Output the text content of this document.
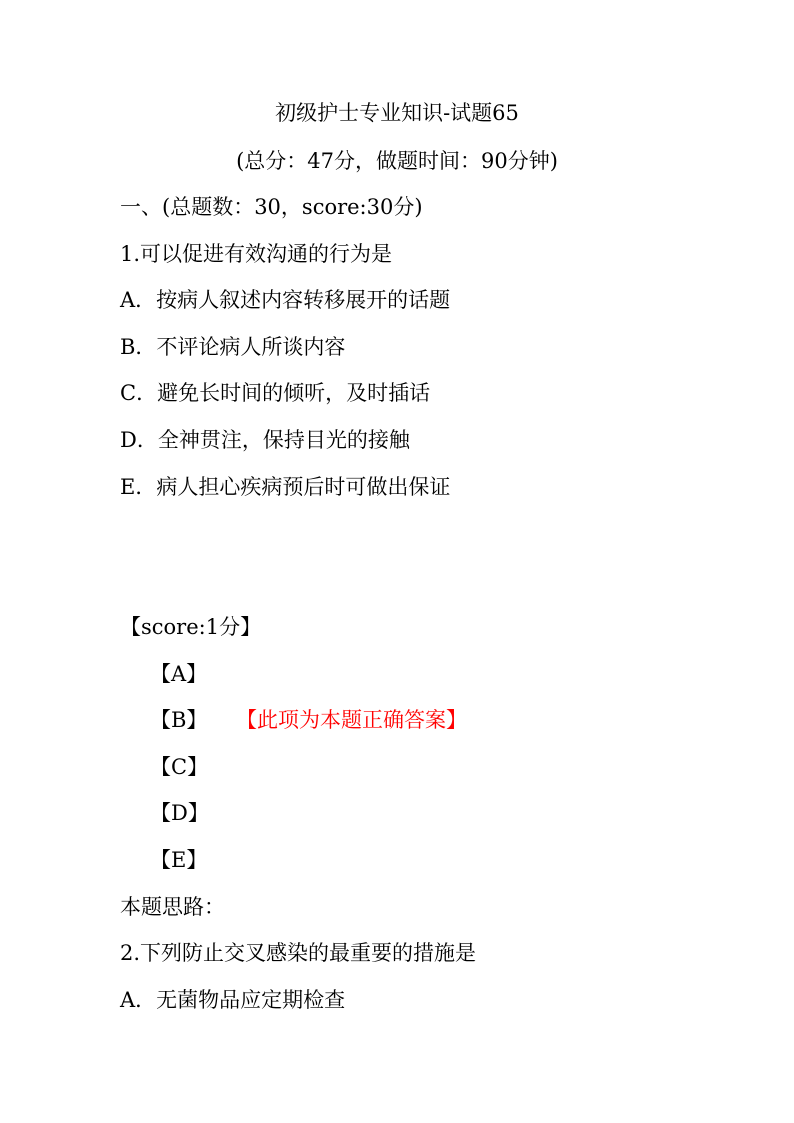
初级护士专业知识-试题65
(总分：47分，做题时间：90分钟)
一、(总题数：30，score:30分)
1.可以促进有效沟通的行为是
A．按病人叙述内容转移展开的话题
B．不评论病人所谈内容
C．避免长时间的倾听，及时插话
D．全神贯注，保持目光的接触
E．病人担心疾病预后时可做出保证
【score:1分】
【A】
【B】 【此项为本题正确答案】
【C】
【D】
【E】
本题思路：
2.下列防止交叉感染的最重要的措施是
A．无菌物品应定期检查
